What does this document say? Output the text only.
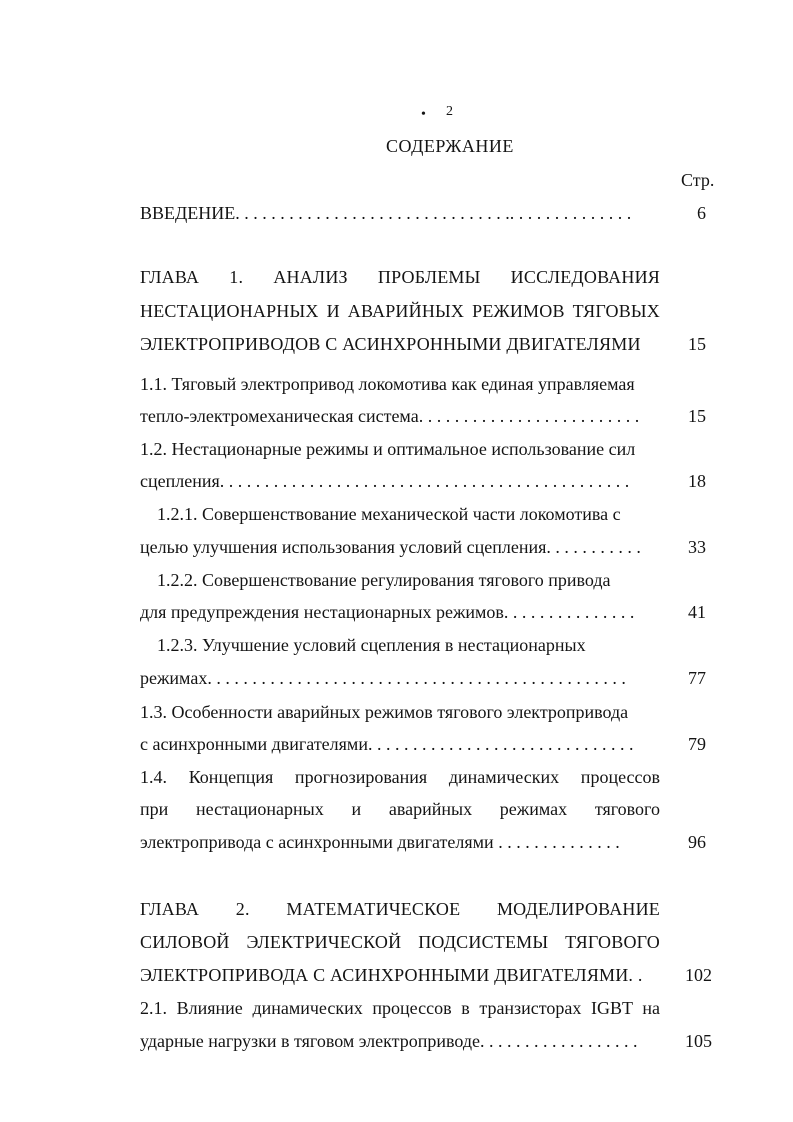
• 2
СОДЕРЖАНИЕ
Стр.
ВВЕДЕНИЕ. . . . . . . . . . . . . . . . . . . . . . . . . . . . . . .. . . . . . . . . . . . . .	6
ГЛАВА 1. АНАЛИЗ ПРОБЛЕМЫ ИССЛЕДОВАНИЯ
НЕСТАЦИОНАРНЫХ И АВАРИЙНЫХ РЕЖИМОВ ТЯГОВЫХ
ЭЛЕКТРОПРИВОДОВ С АСИНХРОННЫМИ ДВИГАТЕЛЯМИ	15
1.1. Тяговый электропривод локомотива как единая управляемая
тепло-электромеханическая система. . . . . . . . . . . . . . . . . . . . . . . . .	15
1.2. Нестационарные режимы и оптимальное использование сил
сцепления. . . . . . . . . . . . . . . . . . . . . . . . . . . . . . . . . . . . . . . . . . . . . .	18
1.2.1. Совершенствование механической части локомотива с
целью улучшения использования условий сцепления. . . . . . . . . . .	33
1.2.2. Совершенствование регулирования тягового привода
для предупреждения нестационарных режимов. . . . . . . . . . . . . . .	41
1.2.3. Улучшение условий сцепления в нестационарных
режимах. . . . . . . . . . . . . . . . . . . . . . . . . . . . . . . . . . . . . . . . . . . . . . .	77
1.3. Особенности аварийных режимов тягового электропривода
с асинхронными двигателями. . . . . . . . . . . . . . . . . . . . . . . . . . . . . .	79
1.4. Концепция прогнозирования динамических процессов
при нестационарных и аварийных режимах тягового
электропривода с асинхронными двигателями . . . . . . . . . . . . . .	96
ГЛАВА 2. МАТЕМАТИЧЕСКОЕ МОДЕЛИРОВАНИЕ
СИЛОВОЙ ЭЛЕКТРИЧЕСКОЙ ПОДСИСТЕМЫ ТЯГОВОГО
ЭЛЕКТРОПРИВОДА С АСИНХРОННЫМИ ДВИГАТЕЛЯМИ. .	102
2.1. Влияние динамических процессов в транзисторах IGBT на
ударные нагрузки в тяговом электроприводе. . . . . . . . . . . . . . . . . .	105
